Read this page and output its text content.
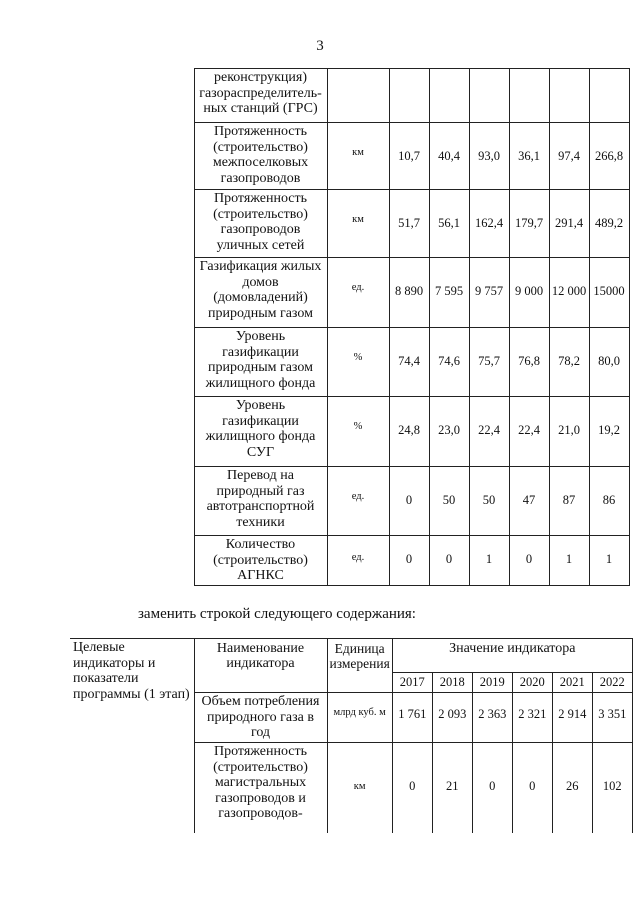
3
	реконструкция) газораспределитель-ных станций (ГРС)							
	Протяженность (строительство) межпоселковых газопроводов	км	10,7	40,4	93,0	36,1	97,4	266,8
	Протяженность (строительство) газопроводов уличных сетей	км	51,7	56,1	162,4	179,7	291,4	489,2
	Газификация жилых домов (домовладений) природным газом	ед.	8 890	7 595	9 757	9 000	12 000	15000
	Уровень газификации природным газом жилищного фонда	%	74,4	74,6	75,7	76,8	78,2	80,0
	Уровень газификации жилищного фонда СУГ	%	24,8	23,0	22,4	22,4	21,0	19,2
	Перевод на природный газ автотранспортной техники	ед.	0	50	50	47	87	86
	Количество (строительство) АГНКС	ед.	0	0	1	0	1	1
заменить строкой следующего содержания:
Целевые индикаторы и показатели программы (1 этап)	Наименование индикатора	Единица измерения	Значение индикатора					
			2017	2018	2019	2020	2021	2022
	Объем потребления природного газа в год	млрд куб. м	1 761	2 093	2 363	2 321	2 914	3 351
	Протяженность (строительство) магистральных газопроводов и газопроводов-	км	0	21	0	0	26	102
